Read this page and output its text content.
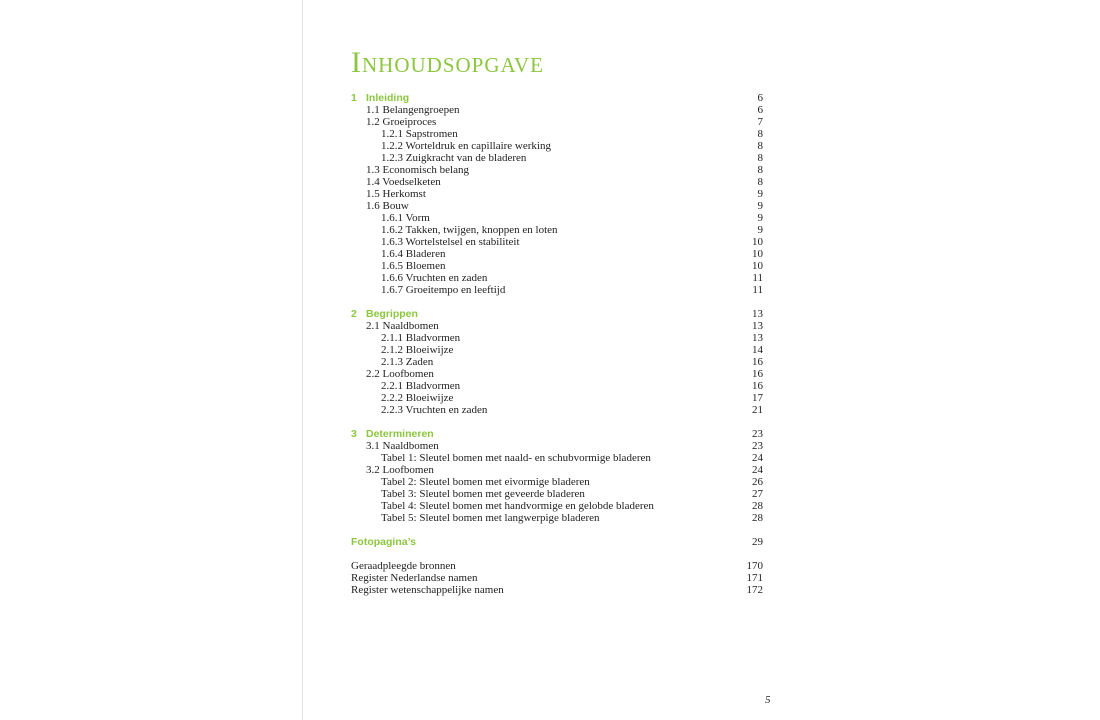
Inhoudsopgave
1 Inleiding	6
1.1 Belangengroepen	6
1.2 Groeiproces	7
1.2.1 Sapstromen	8
1.2.2 Worteldruk en capillaire werking	8
1.2.3 Zuigkracht van de bladeren	8
1.3 Economisch belang	8
1.4 Voedselketen	8
1.5 Herkomst	9
1.6 Bouw	9
1.6.1 Vorm	9
1.6.2 Takken, twijgen, knoppen en loten	9
1.6.3 Wortelstelsel en stabiliteit	10
1.6.4 Bladeren	10
1.6.5 Bloemen	10
1.6.6 Vruchten en zaden	11
1.6.7 Groeitempo en leeftijd	11
2 Begrippen	13
2.1 Naaldbomen	13
2.1.1 Bladvormen	13
2.1.2 Bloeiwijze	14
2.1.3 Zaden	16
2.2 Loofbomen	16
2.2.1 Bladvormen	16
2.2.2 Bloeiwijze	17
2.2.3 Vruchten en zaden	21
3 Determineren	23
3.1 Naaldbomen	23
Tabel 1: Sleutel bomen met naald- en schubvormige bladeren	24
3.2 Loofbomen	24
Tabel 2: Sleutel bomen met eivormige bladeren	26
Tabel 3: Sleutel bomen met geveerde bladeren	27
Tabel 4: Sleutel bomen met handvormige en gelobde bladeren	28
Tabel 5: Sleutel bomen met langwerpige bladeren	28
Fotopagina’s	29
Geraadpleegde bronnen	170
Register Nederlandse namen	171
Register wetenschappelijke namen	172
5
